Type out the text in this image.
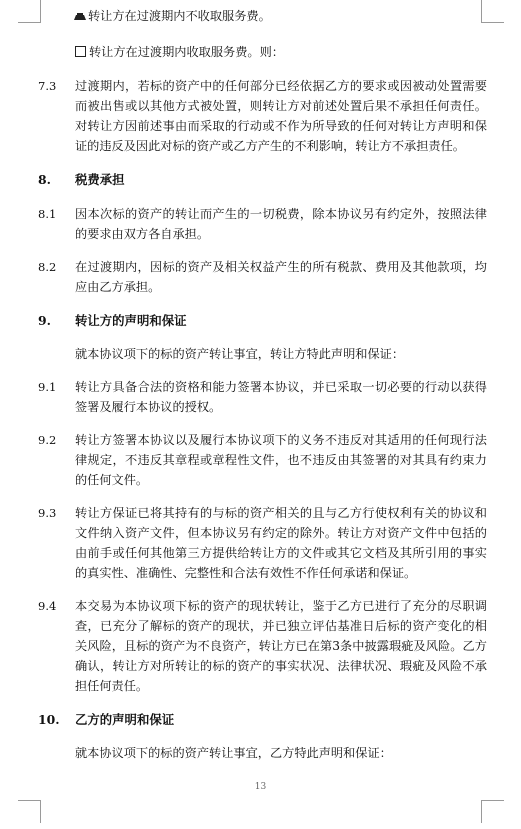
转让方在过渡期内不收取服务费。
转让方在过渡期内收取服务费。则：
7.3 过渡期内，若标的资产中的任何部分已经依据乙方的要求或因被动处置需要
而被出售或以其他方式被处置，则转让方对前述处置后果不承担任何责任。
对转让方因前述事由而采取的行动或不作为所导致的任何对转让方声明和保
证的违反及因此对标的资产或乙方产生的不利影响，转让方不承担责任。
8. 税费承担
8.1 因本次标的资产的转让而产生的一切税费，除本协议另有约定外，按照法律
的要求由双方各自承担。
8.2 在过渡期内，因标的资产及相关权益产生的所有税款、费用及其他款项，均
应由乙方承担。
9. 转让方的声明和保证
就本协议项下的标的资产转让事宜，转让方特此声明和保证：
9.1 转让方具备合法的资格和能力签署本协议，并已采取一切必要的行动以获得
签署及履行本协议的授权。
9.2 转让方签署本协议以及履行本协议项下的义务不违反对其适用的任何现行法
律规定，不违反其章程或章程性文件，也不违反由其签署的对其具有约束力
的任何文件。
9.3 转让方保证已将其持有的与标的资产相关的且与乙方行使权利有关的协议和
文件纳入资产文件，但本协议另有约定的除外。转让方对资产文件中包括的
由前手或任何其他第三方提供给转让方的文件或其它文档及其所引用的事实
的真实性、准确性、完整性和合法有效性不作任何承诺和保证。
9.4 本交易为本协议项下标的资产的现状转让，鉴于乙方已进行了充分的尽职调
查，已充分了解标的资产的现状，并已独立评估基准日后标的资产变化的相
关风险，且标的资产为不良资产，转让方已在第3条中披露瑕疵及风险。乙方
确认，转让方对所转让的标的资产的事实状况、法律状况、瑕疵及风险不承
担任何责任。
10. 乙方的声明和保证
就本协议项下的标的资产转让事宜，乙方特此声明和保证：
13
